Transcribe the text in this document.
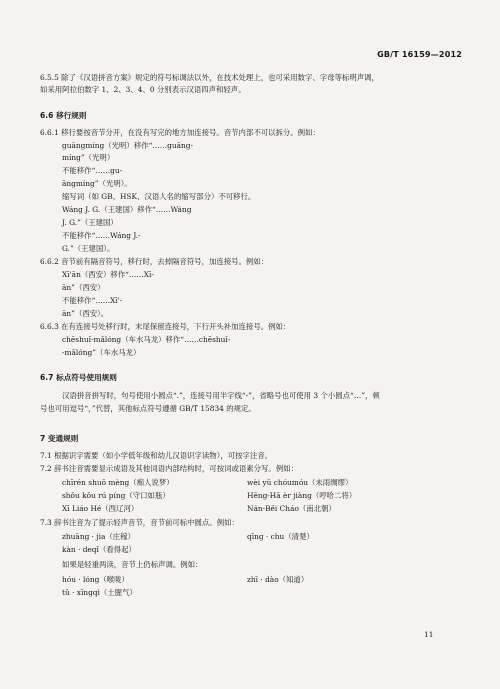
GB/T 16159—2012
6.5.5 除了《汉语拼音方案》规定的符号标调法以外，在技术处理上，也可采用数字、字母等标明声调，
如采用阿拉伯数字 1、2、3、4、0 分别表示汉语四声和轻声。
6.6 移行规则
6.6.1 移行要按音节分开，在没有写完的地方加连接号。音节内部不可以拆分。例如：
guāngmíng（光明）移作“……guāng-
míng”（光明）
不能移作“……gu-
āngmíng”（光明）。
缩写词（如 GB、HSK、汉语人名的缩写部分）不可移行。
Wáng J. G.（王建国）移作“……Wáng
J. G.”（王建国）
不能移作“……Wáng J.-
G.”（王建国）。
6.6.2 音节前有隔音符号，移行时，去掉隔音符号，加连接号。例如：
Xī'ān（西安）移作“……Xī-
ān”（西安）
不能移作“……Xī'-
ān”（西安）。
6.6.3 在有连接号处移行时，末尾保留连接号，下行开头补加连接号。例如：
chēshuǐ-mǎlóng（车水马龙）移作“……chēshuǐ-
-mǎlóng”（车水马龙）
6.7 标点符号使用规则
汉语拼音拼写时，句号使用小圆点“.”，连接号用半字线“-”，省略号也可使用 3 个小圆点“…”，顿
号也可用逗号“，”代替，其他标点符号遵循 GB/T 15834 的规定。
7 变通规则
7.1 根据识字需要（如小学低年级和幼儿汉语识字读物），可按字注音。
7.2 辞书注音需要显示成语及其他词语内部结构时，可按词或语素分写。例如：
chīrén shuō mèng（痴人说梦）	wèi yǔ chóumóu（未雨绸缪）
shǒu kǒu rú píng（守口如瓶）	Hēng-Hā èr jiàng（哼哈二将）
Xī Liáo Hé（西辽河）	Nán-Běi Cháo（南北朝）
7.3 辞书注音为了提示轻声音节，音节前可标中圆点。例如：
zhuāng · jia（庄稼）	qīng · chu（清楚）
kàn · deqǐ（看得起）
如果是轻重两读，音节上仍标声调。例如：
hóu · lóng（喉咙）	zhī · dào（知道）
tǔ · xīngqì（土腥气）
11
